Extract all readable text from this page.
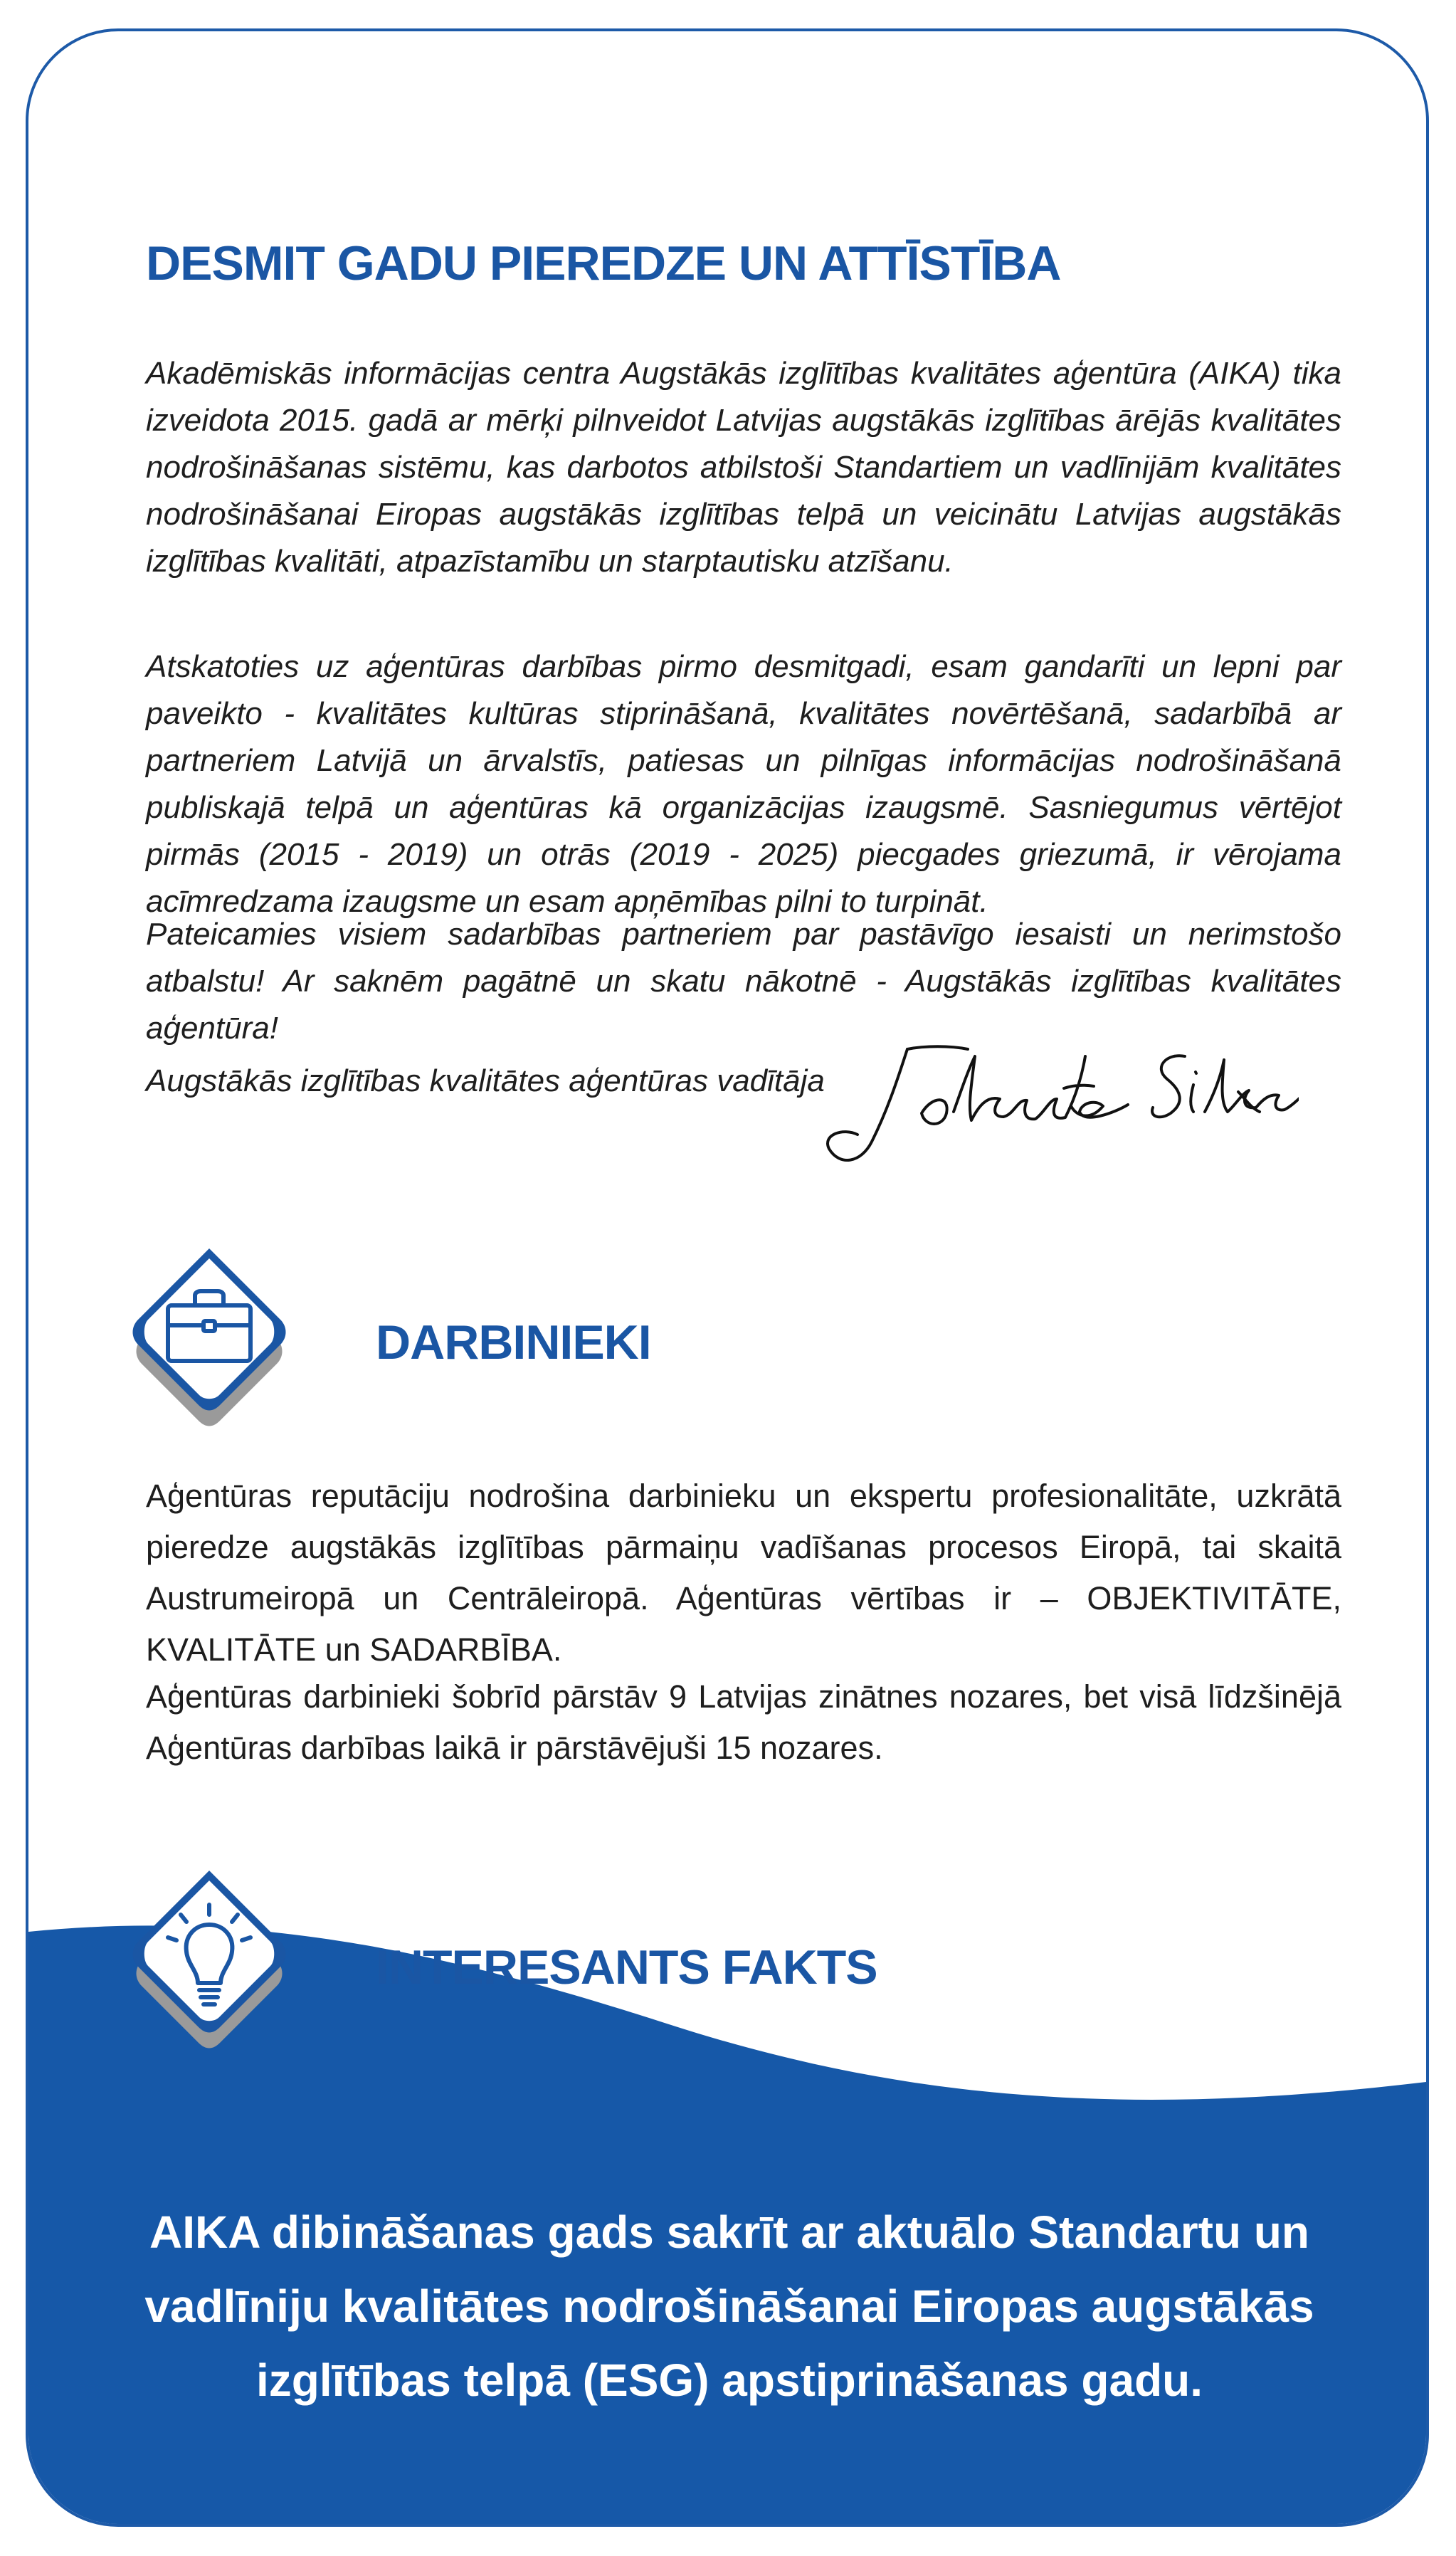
DESMIT GADU PIEREDZE UN ATTĪSTĪBA

Akadēmiskās informācijas centra Augstākās izglītības kvalitātes aģentūra (AIKA) tika izveidota 2015. gadā ar mērķi pilnveidot Latvijas augstākās izglītības ārējās kvalitātes nodrošināšanas sistēmu, kas darbotos atbilstoši Standartiem un vadlīnijām kvalitātes nodrošināšanai Eiropas augstākās izglītības telpā un veicinātu Latvijas augstākās izglītības kvalitāti, atpazīstamību un starptautisku atzīšanu.

Atskatoties uz aģentūras darbības pirmo desmitgadi, esam gandarīti un lepni par paveikto - kvalitātes kultūras stiprināšanā, kvalitātes novērtēšanā, sadarbībā ar partneriem Latvijā un ārvalstīs, patiesas un pilnīgas informācijas nodrošināšanā publiskajā telpā un aģentūras kā organizācijas izaugsmē. Sasniegumus vērtējot pirmās (2015 - 2019) un otrās (2019 - 2025) piecgades griezumā, ir vērojama acīmredzama izaugsme un esam apņēmības pilni to turpināt.

Pateicamies visiem sadarbības partneriem par pastāvīgo iesaisti un nerimstošo atbalstu! Ar saknēm pagātnē un skatu nākotnē - Augstākās izglītības kvalitātes aģentūra!

Augstākās izglītības kvalitātes aģentūras vadītāja
DARBINIEKI

Aģentūras reputāciju nodrošina darbinieku un ekspertu profesionalitāte, uzkrātā pieredze augstākās izglītības pārmaiņu vadīšanas procesos Eiropā, tai skaitā Austrumeiropā un Centrāleiropā. Aģentūras vērtības ir – OBJEKTIVITĀTE, KVALITĀTE un SADARBĪBA.

Aģentūras darbinieki šobrīd pārstāv 9 Latvijas zinātnes nozares, bet visā līdzšinējā Aģentūras darbības laikā ir pārstāvējuši 15 nozares.

INTERESANTS FAKTS

AIKA dibināšanas gads sakrīt ar aktuālo Standartu un vadlīniju kvalitātes nodrošināšanai Eiropas augstākās izglītības telpā (ESG) apstiprināšanas gadu.
